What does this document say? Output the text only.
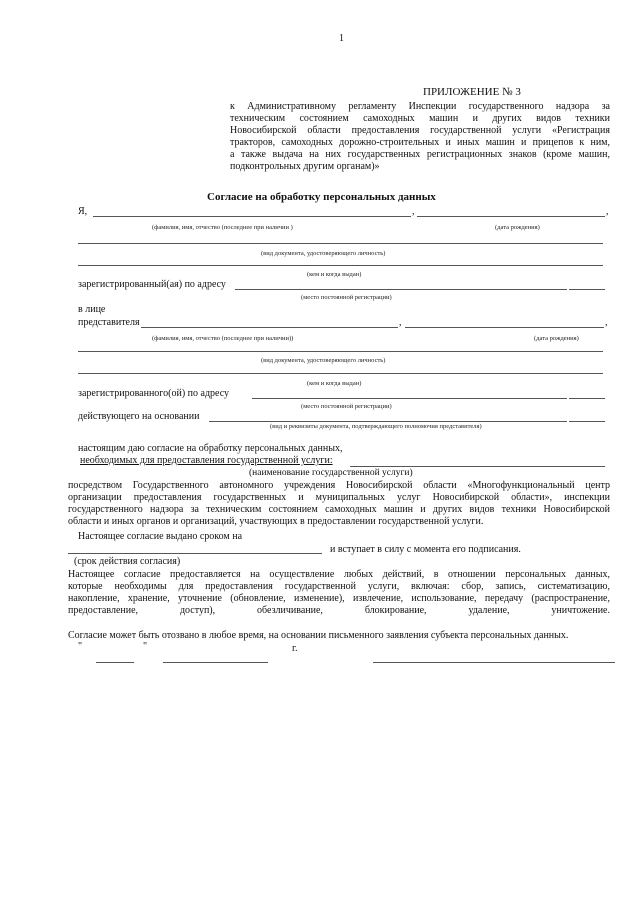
1
ПРИЛОЖЕНИЕ № 3
к Административному регламенту Инспекции государственного надзора за
техническим состоянием самоходных машин и других видов техники
Новосибирской области предоставления государственной услуги «Регистрация
тракторов, самоходных дорожно-строительных и иных машин и прицепов к ним,
а также выдача на них государственных регистрационных знаков (кроме машин,
подконтрольных другим органам)»
Согласие на обработку персональных данных
Я,	,	,
(фамилия, имя, отчество (последнее при наличии )	(дата рождения)
(вид документа, удостоверяющего личность)
(кем и когда выдан)
зарегистрированный(ая) по адресу
(место постоянной регистрации)
в лице
представителя	,	,
(фамилия, имя, отчество (последнее при наличии))	(дата рождения)
(вид документа, удостоверяющего личность)
(кем и когда выдан)
зарегистрированного(ой) по адресу
(место постоянной регистрации)
действующего на основании
(вид и реквизиты документа, подтверждающего полномочия представителя)
настоящим даю согласие на обработку персональных данных,
необходимых для предоставления государственной услуги:
(наименование государственной услуги)
посредством Государственного автономного учреждения Новосибирской области «Многофункциональный центр
организации предоставления государственных и муниципальных услуг Новосибирской области», инспекции
государственного надзора за техническим состоянием самоходных машин и других видов техники Новосибирской
области и иных органов и организаций, участвующих в предоставлении государственной услуги.
Настоящее согласие выдано сроком на
и вступает в силу с момента его подписания.
(срок действия согласия)
Настоящее согласие предоставляется на осуществление любых действий, в отношении персональных данных,
которые необходимы для предоставления государственной услуги, включая: сбор, запись, систематизацию,
накопление, хранение, уточнение (обновление, изменение), извлечение, использование, передачу (распространение,
предоставление, доступ), обезличивание, блокирование, удаление, уничтожение.
Согласие может быть отозвано в любое время, на основании письменного заявления субъекта персональных данных.
"	"	г.
